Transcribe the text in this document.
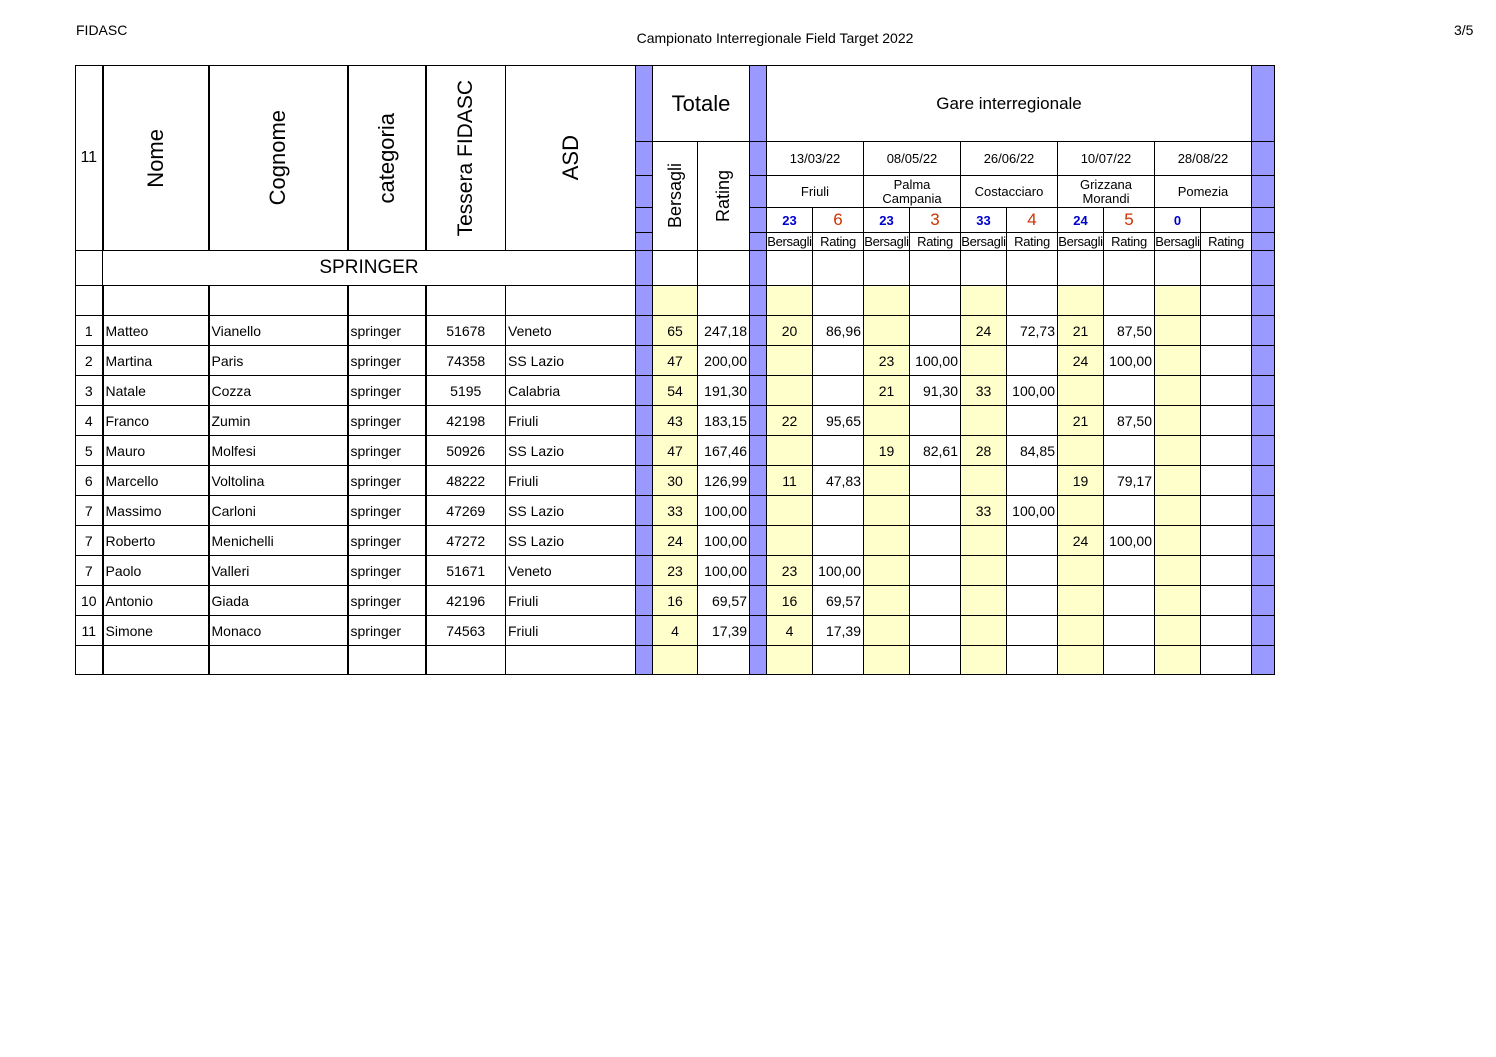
FIDASC	Campionato Interregionale Field Target 2022	3/5
11	Nome	Cognome	categoria	Tessera FIDASC	ASD		Totale			Gare interregionale										

							Bersagli	Rating		13/03/22		08/05/22		26/06/22		10/07/22		28/08/22		
										Friuli		Palma Campania		Costacciaro		Grizzana Morandi		Pomezia		
										23	6	23	3	33	4	24	5	0		
										Bersagli	Rating	Bersagli	Rating	Bersagli	Rating	Bersagli	Rating	Bersagli	Rating	
	SPRINGER																			

1	Matteo	Vianello	springer	51678	Veneto		65	247,18		20	86,96			24	72,73	21	87,50			
2	Martina	Paris	springer	74358	SS Lazio		47	200,00				23	100,00			24	100,00			
3	Natale	Cozza	springer	5195	Calabria		54	191,30				21	91,30	33	100,00					
4	Franco	Zumin	springer	42198	Friuli		43	183,15		22	95,65					21	87,50			
5	Mauro	Molfesi	springer	50926	SS Lazio		47	167,46				19	82,61	28	84,85					
6	Marcello	Voltolina	springer	48222	Friuli		30	126,99		11	47,83					19	79,17			
7	Massimo	Carloni	springer	47269	SS Lazio		33	100,00						33	100,00					
7	Roberto	Menichelli	springer	47272	SS Lazio		24	100,00								24	100,00			
7	Paolo	Valleri	springer	51671	Veneto		23	100,00		23	100,00									
10	Antonio	Giada	springer	42196	Friuli		16	69,57		16	69,57									
11	Simone	Monaco	springer	74563	Friuli		4	17,39		4	17,39									
